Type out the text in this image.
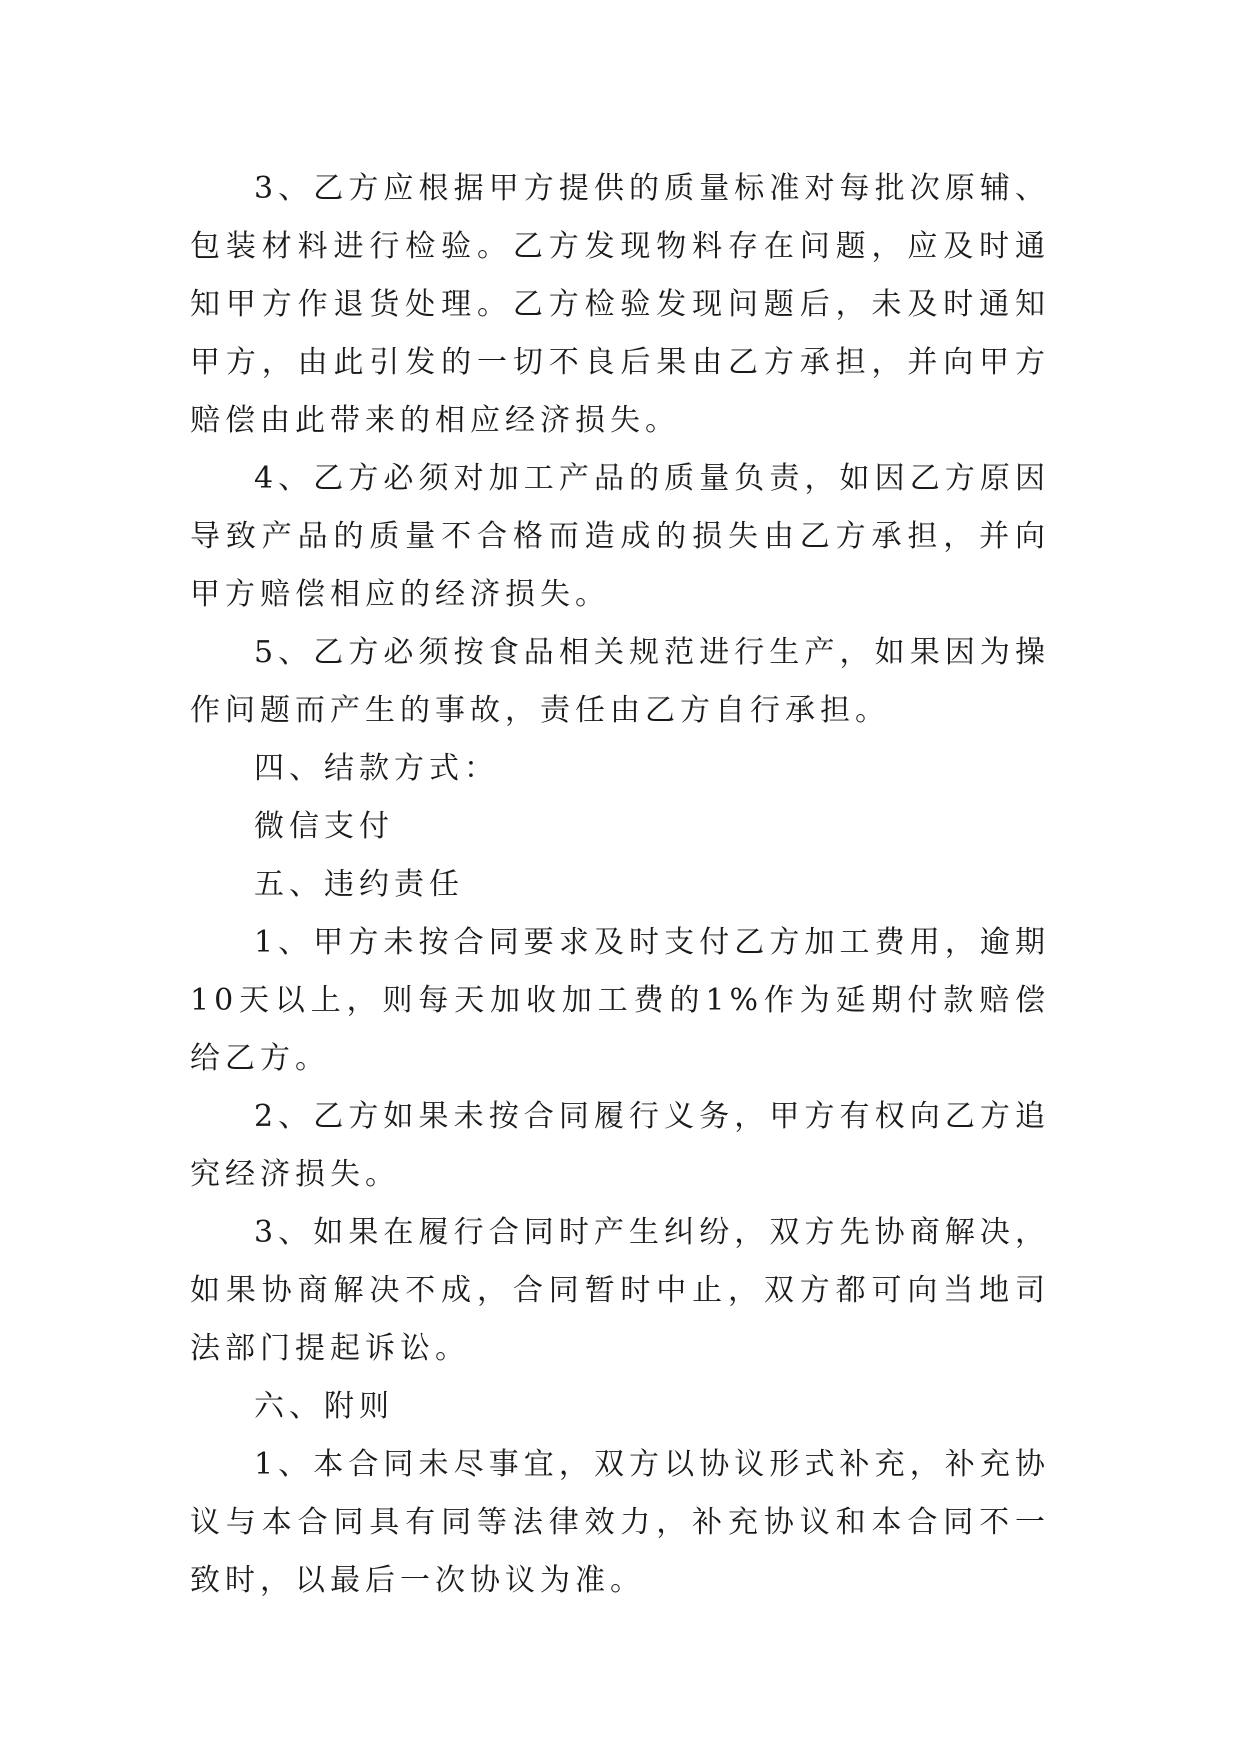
3、乙方应根据甲方提供的质量标准对每批次原辅、包装材料进行检验。乙方发现物料存在问题，应及时通知甲方作退货处理。乙方检验发现问题后，未及时通知甲方，由此引发的一切不良后果由乙方承担，并向甲方赔偿由此带来的相应经济损失。

4、乙方必须对加工产品的质量负责，如因乙方原因导致产品的质量不合格而造成的损失由乙方承担，并向甲方赔偿相应的经济损失。

5、乙方必须按食品相关规范进行生产，如果因为操作问题而产生的事故，责任由乙方自行承担。

四、结款方式：

微信支付

五、违约责任

1、甲方未按合同要求及时支付乙方加工费用，逾期10天以上，则每天加收加工费的1%作为延期付款赔偿给乙方。

2、乙方如果未按合同履行义务，甲方有权向乙方追究经济损失。

3、如果在履行合同时产生纠纷，双方先协商解决，如果协商解决不成，合同暂时中止，双方都可向当地司法部门提起诉讼。

六、附则

1、本合同未尽事宜，双方以协议形式补充，补充协议与本合同具有同等法律效力，补充协议和本合同不一致时，以最后一次协议为准。
